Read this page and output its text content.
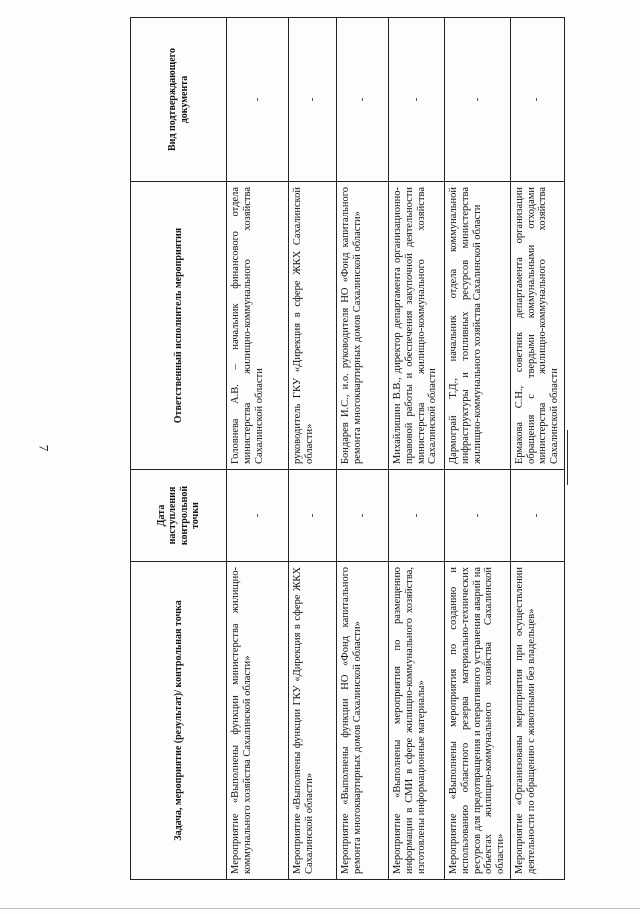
7
Задача, мероприятие (результат)/ контрольная точка	Дата наступления контрольной точки	Ответственный исполнитель мероприятия	Вид подтверждающего документа
Мероприятие «Выполнены функции министерства жилищно-коммунального хозяйства Сахалинской области»	-	Головнева А.В. – начальник финансового отдела министерства жилищно-коммунального хозяйства Сахалинской области	-
Мероприятие «Выполнены функции ГКУ «Дирекция в сфере ЖКХ Сахалинской области»	-	руководитель ГКУ «Дирекция в сфере ЖКХ Сахалинской области»	-
Мероприятие «Выполнены функции НО «Фонд капитального ремонта многоквартирных домов Сахалинской области»	-	Бондарев И.С., и.о. руководителя НО «Фонд капитального ремонта многоквартирных домов Сахалинской области»	-
Мероприятие «Выполнены мероприятия по размещению информации в СМИ в сфере жилищно-коммунального хозяйства, изготовлены информационные материалы»	-	Михайлишин В.В., директор департамента организационно-правовой работы и обеспечения закупочной деятельности министерства жилищно-коммунального хозяйства Сахалинской области	-
Мероприятие «Выполнены мероприятия по созданию и использованию областного резерва материально-технических ресурсов для предотвращения и оперативного устранения аварий на объектах жилищно-коммунального хозяйства Сахалинской области»	-	Дармограй Т.Д., начальник отдела коммунальной инфраструктуры и топливных ресурсов министерства жилищно-коммунального хозяйства Сахалинской области	-
Мероприятие «Организованы мероприятия при осуществлении деятельности по обращению с животными без владельцев»	-	Ермакова С.Н., советник департамента организации обращения с твердыми коммунальными отходами министерства жилищно-коммунального хозяйства Сахалинской области	-
